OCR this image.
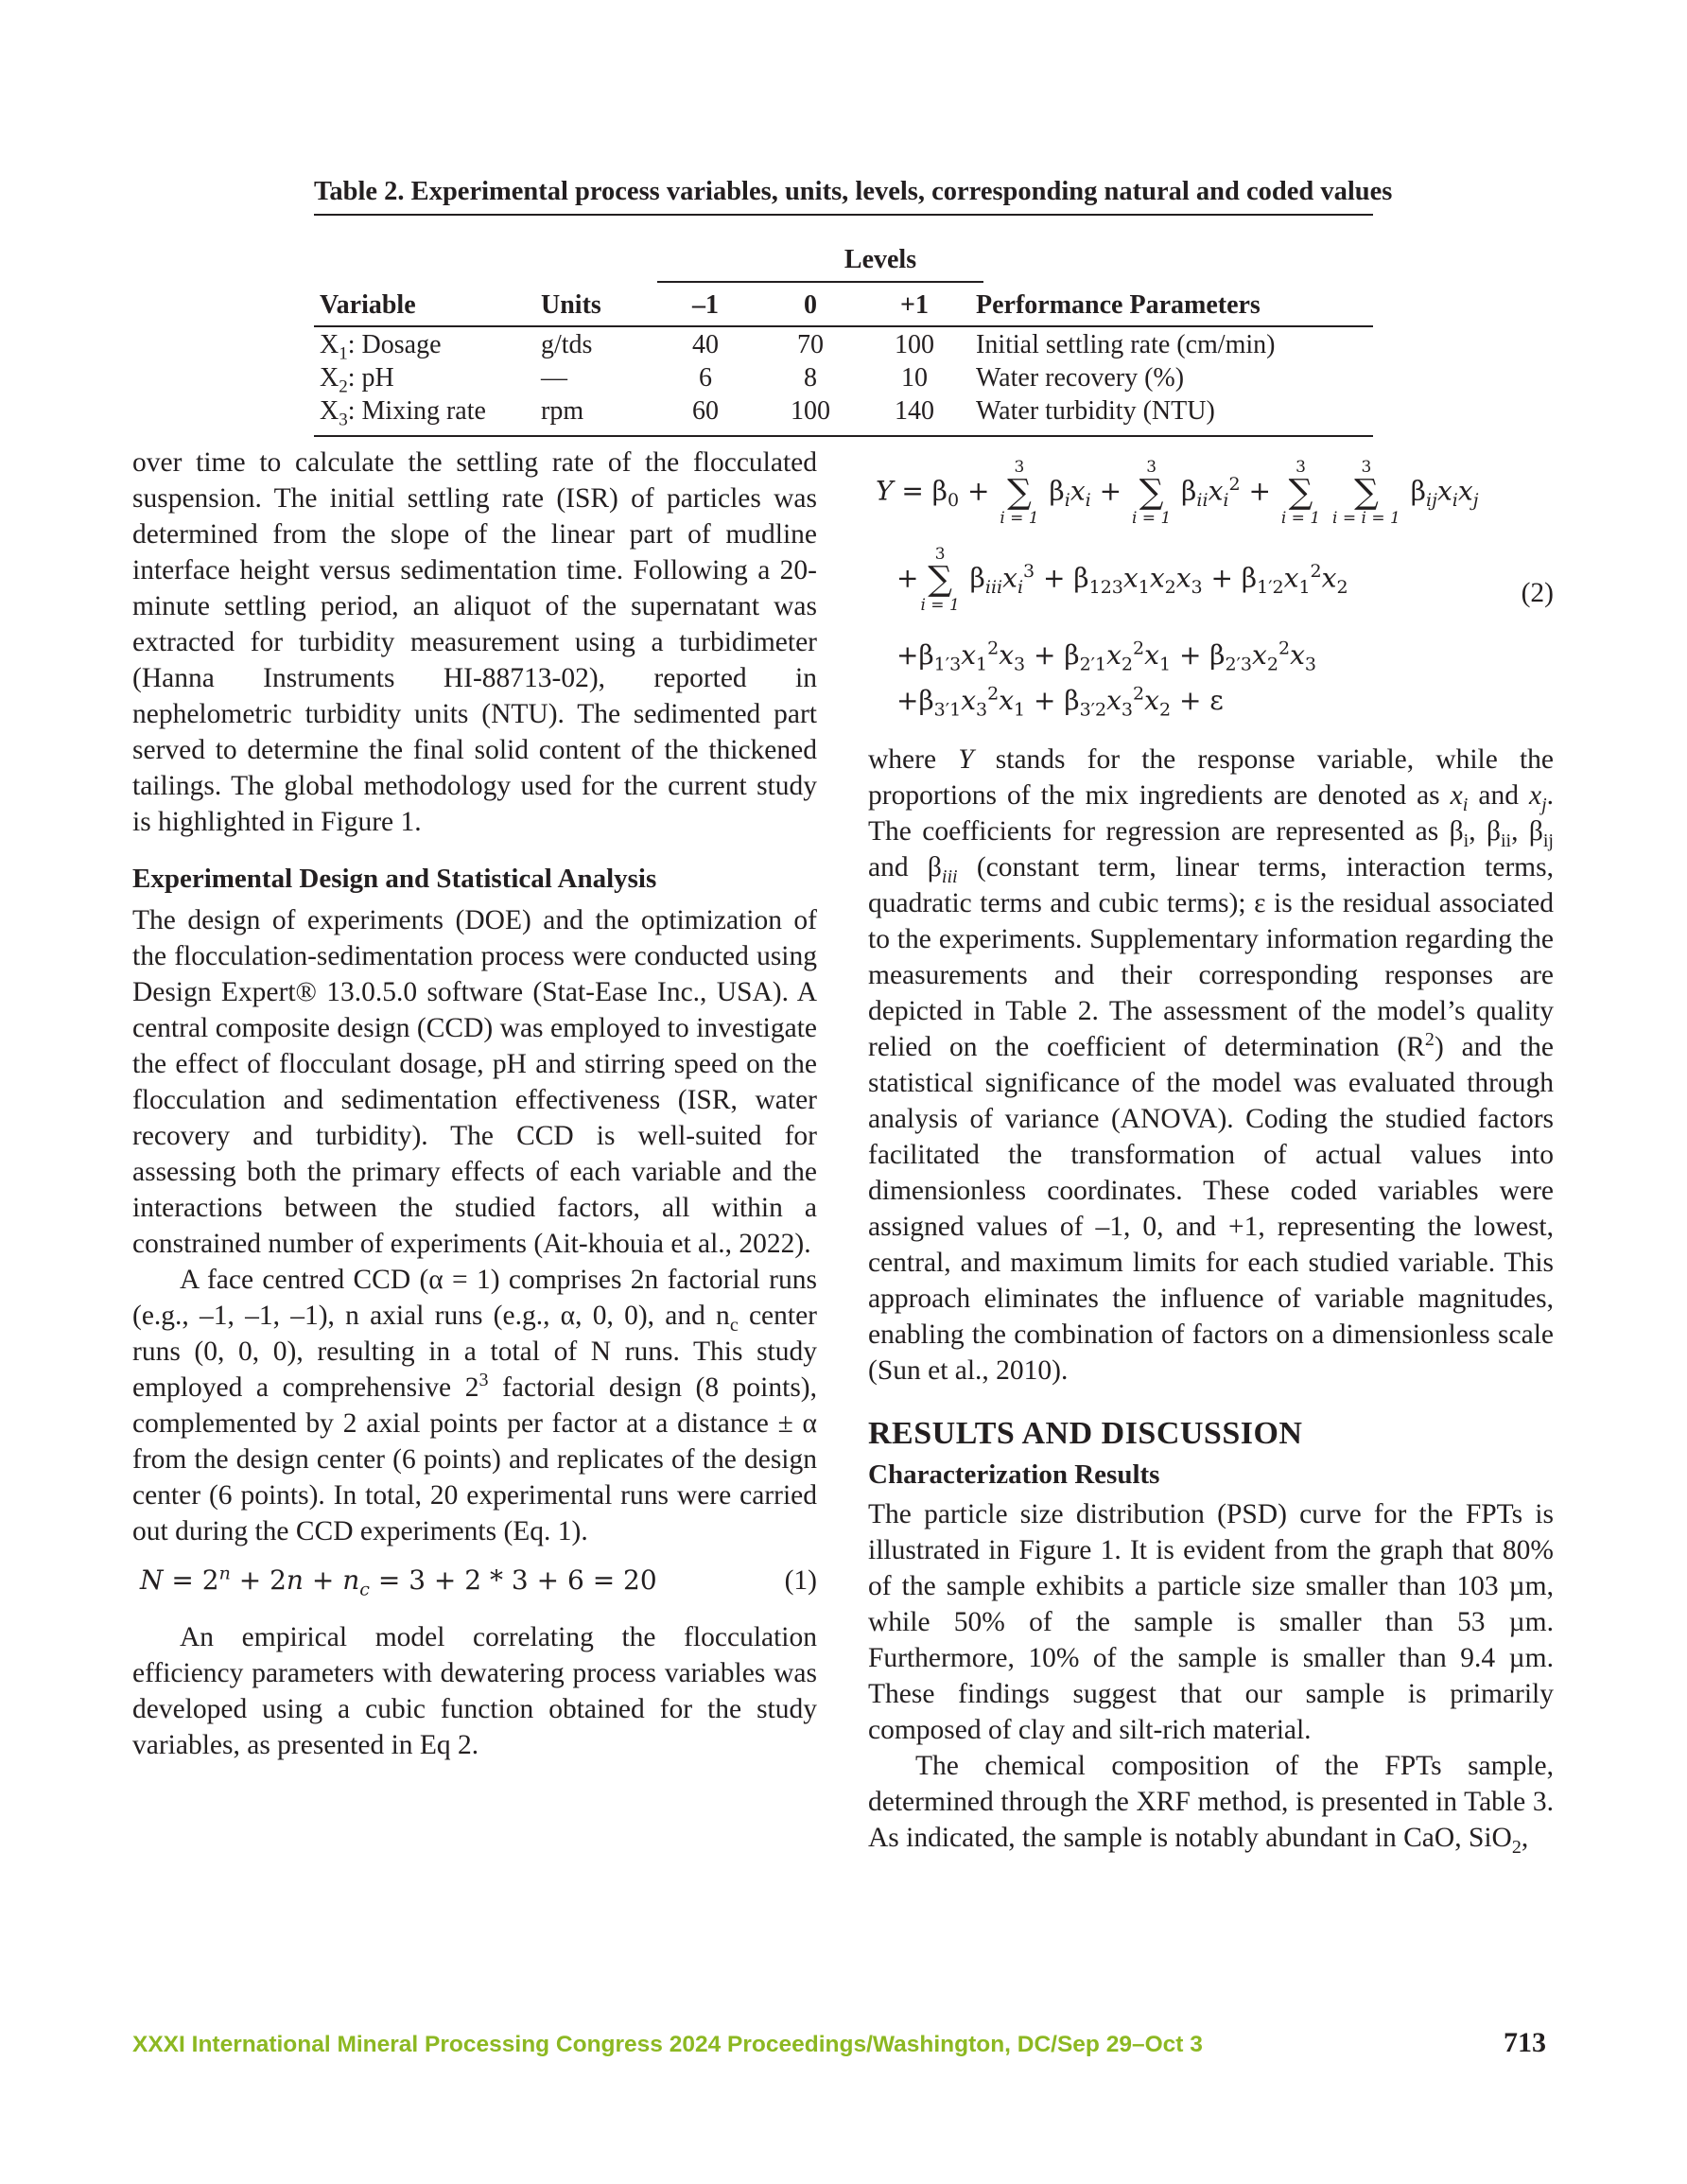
Table 2. Experimental process variables, units, levels, corresponding natural and coded values
Levels
Variable	Units	–1	0	+1	Performance Parameters
$X_1$: Dosage	g/tds	40	70	100	Initial settling rate (cm/min)
$X_2$: pH	—	6	8	10	Water recovery (%)
$X_3$: Mixing rate rpm	60	100	140	Water turbidity (NTU)

over time to calculate the settling rate of the flocculated suspension. The initial settling rate (ISR) of particles was determined from the slope of the linear part of mudline interface height versus sedimentation time. Following a 20-minute settling period, an aliquot of the supernatant was extracted for turbidity measurement using a turbidimeter (Hanna Instruments HI-88713-02), reported in nephelometric turbidity units (NTU). The sedimented part served to determine the final solid content of the thickened tailings. The global methodology used for the current study is highlighted in Figure 1.

Experimental Design and Statistical Analysis

The design of experiments (DOE) and the optimization of the flocculation-sedimentation process were conducted using Design Expert® 13.0.5.0 software (Stat-Ease Inc., USA). A central composite design (CCD) was employed to investigate the effect of flocculant dosage, pH and stirring speed on the flocculation and sedimentation effectiveness (ISR, water recovery and turbidity). The CCD is well-suited for assessing both the primary effects of each variable and the interactions between the studied factors, all within a constrained number of experiments (Ait-khouia et al., 2022).

A face centred CCD (α = 1) comprises 2n factorial runs (e.g., –1, –1, –1), n axial runs (e.g., α, 0, 0), and $n_c$ center runs (0, 0, 0), resulting in a total of N runs. This study employed a comprehensive $2^3$ factorial design (8 points), complemented by 2 axial points per factor at a distance ± α from the design center (6 points) and replicates of the design center (6 points). In total, 20 experimental runs were carried out during the CCD experiments (Eq. 1).

$N = 2^n + 2n + n_c = 3 + 2 * 3 + 6 = 20$	(1)

An empirical model correlating the flocculation efficiency parameters with dewatering process variables was developed using a cubic function obtained for the study variables, as presented in Eq 2.

$Y = \beta_0$ +
3
∑
i = 1
$\beta_ix_i$ +
3
∑
i = 1
$\beta_{ii}x_i^2$ +
3
∑
i = 1

3
∑
i = i = 1
$\beta_{ij}x_ix_j$
+
3
∑
i = 1
$\beta_{iii}x_i^3 + \beta_{123}x_1x_2x_3 + \beta_{1'2}x_1^2x_2$	(2)
$+\beta_{1'3}x_1^2x_3 + \beta_{2'1}x_2^2x_1 + \beta_{2'3}x_2^2x_3$
$+\beta_{3'1}x_3^2x_1 + \beta_{3'2}x_3^2x_2 + \varepsilon$

where Y stands for the response variable, while the proportions of the mix ingredients are denoted as $x_i$ and $x_j$. The coefficients for regression are represented as $\beta_i$, $\beta_{ii}$, $\beta_{ij}$ and $\beta_{iii}$ (constant term, linear terms, interaction terms, quadratic terms and cubic terms); ε is the residual associated to the experiments. Supplementary information regarding the measurements and their corresponding responses are depicted in Table 2. The assessment of the model’s quality relied on the coefficient of determination $(R^2)$ and the statistical significance of the model was evaluated through analysis of variance (ANOVA). Coding the studied factors facilitated the transformation of actual values into dimensionless coordinates. These coded variables were assigned values of –1, 0, and +1, representing the lowest, central, and maximum limits for each studied variable. This approach eliminates the influence of variable magnitudes, enabling the combination of factors on a dimensionless scale (Sun et al., 2010).

RESULTS AND DISCUSSION

Characterization Results

The particle size distribution (PSD) curve for the FPTs is illustrated in Figure 1. It is evident from the graph that 80% of the sample exhibits a particle size smaller than 103 µm, while 50% of the sample is smaller than 53 µm. Furthermore, 10% of the sample is smaller than 9.4 µm. These findings suggest that our sample is primarily composed of clay and silt-rich material.

The chemical composition of the FPTs sample, determined through the XRF method, is presented in Table 3. As indicated, the sample is notably abundant in CaO, SiO$_2$,

XXXI International Mineral Processing Congress 2024 Proceedings/Washington, DC/Sep 29–Oct 3	713
